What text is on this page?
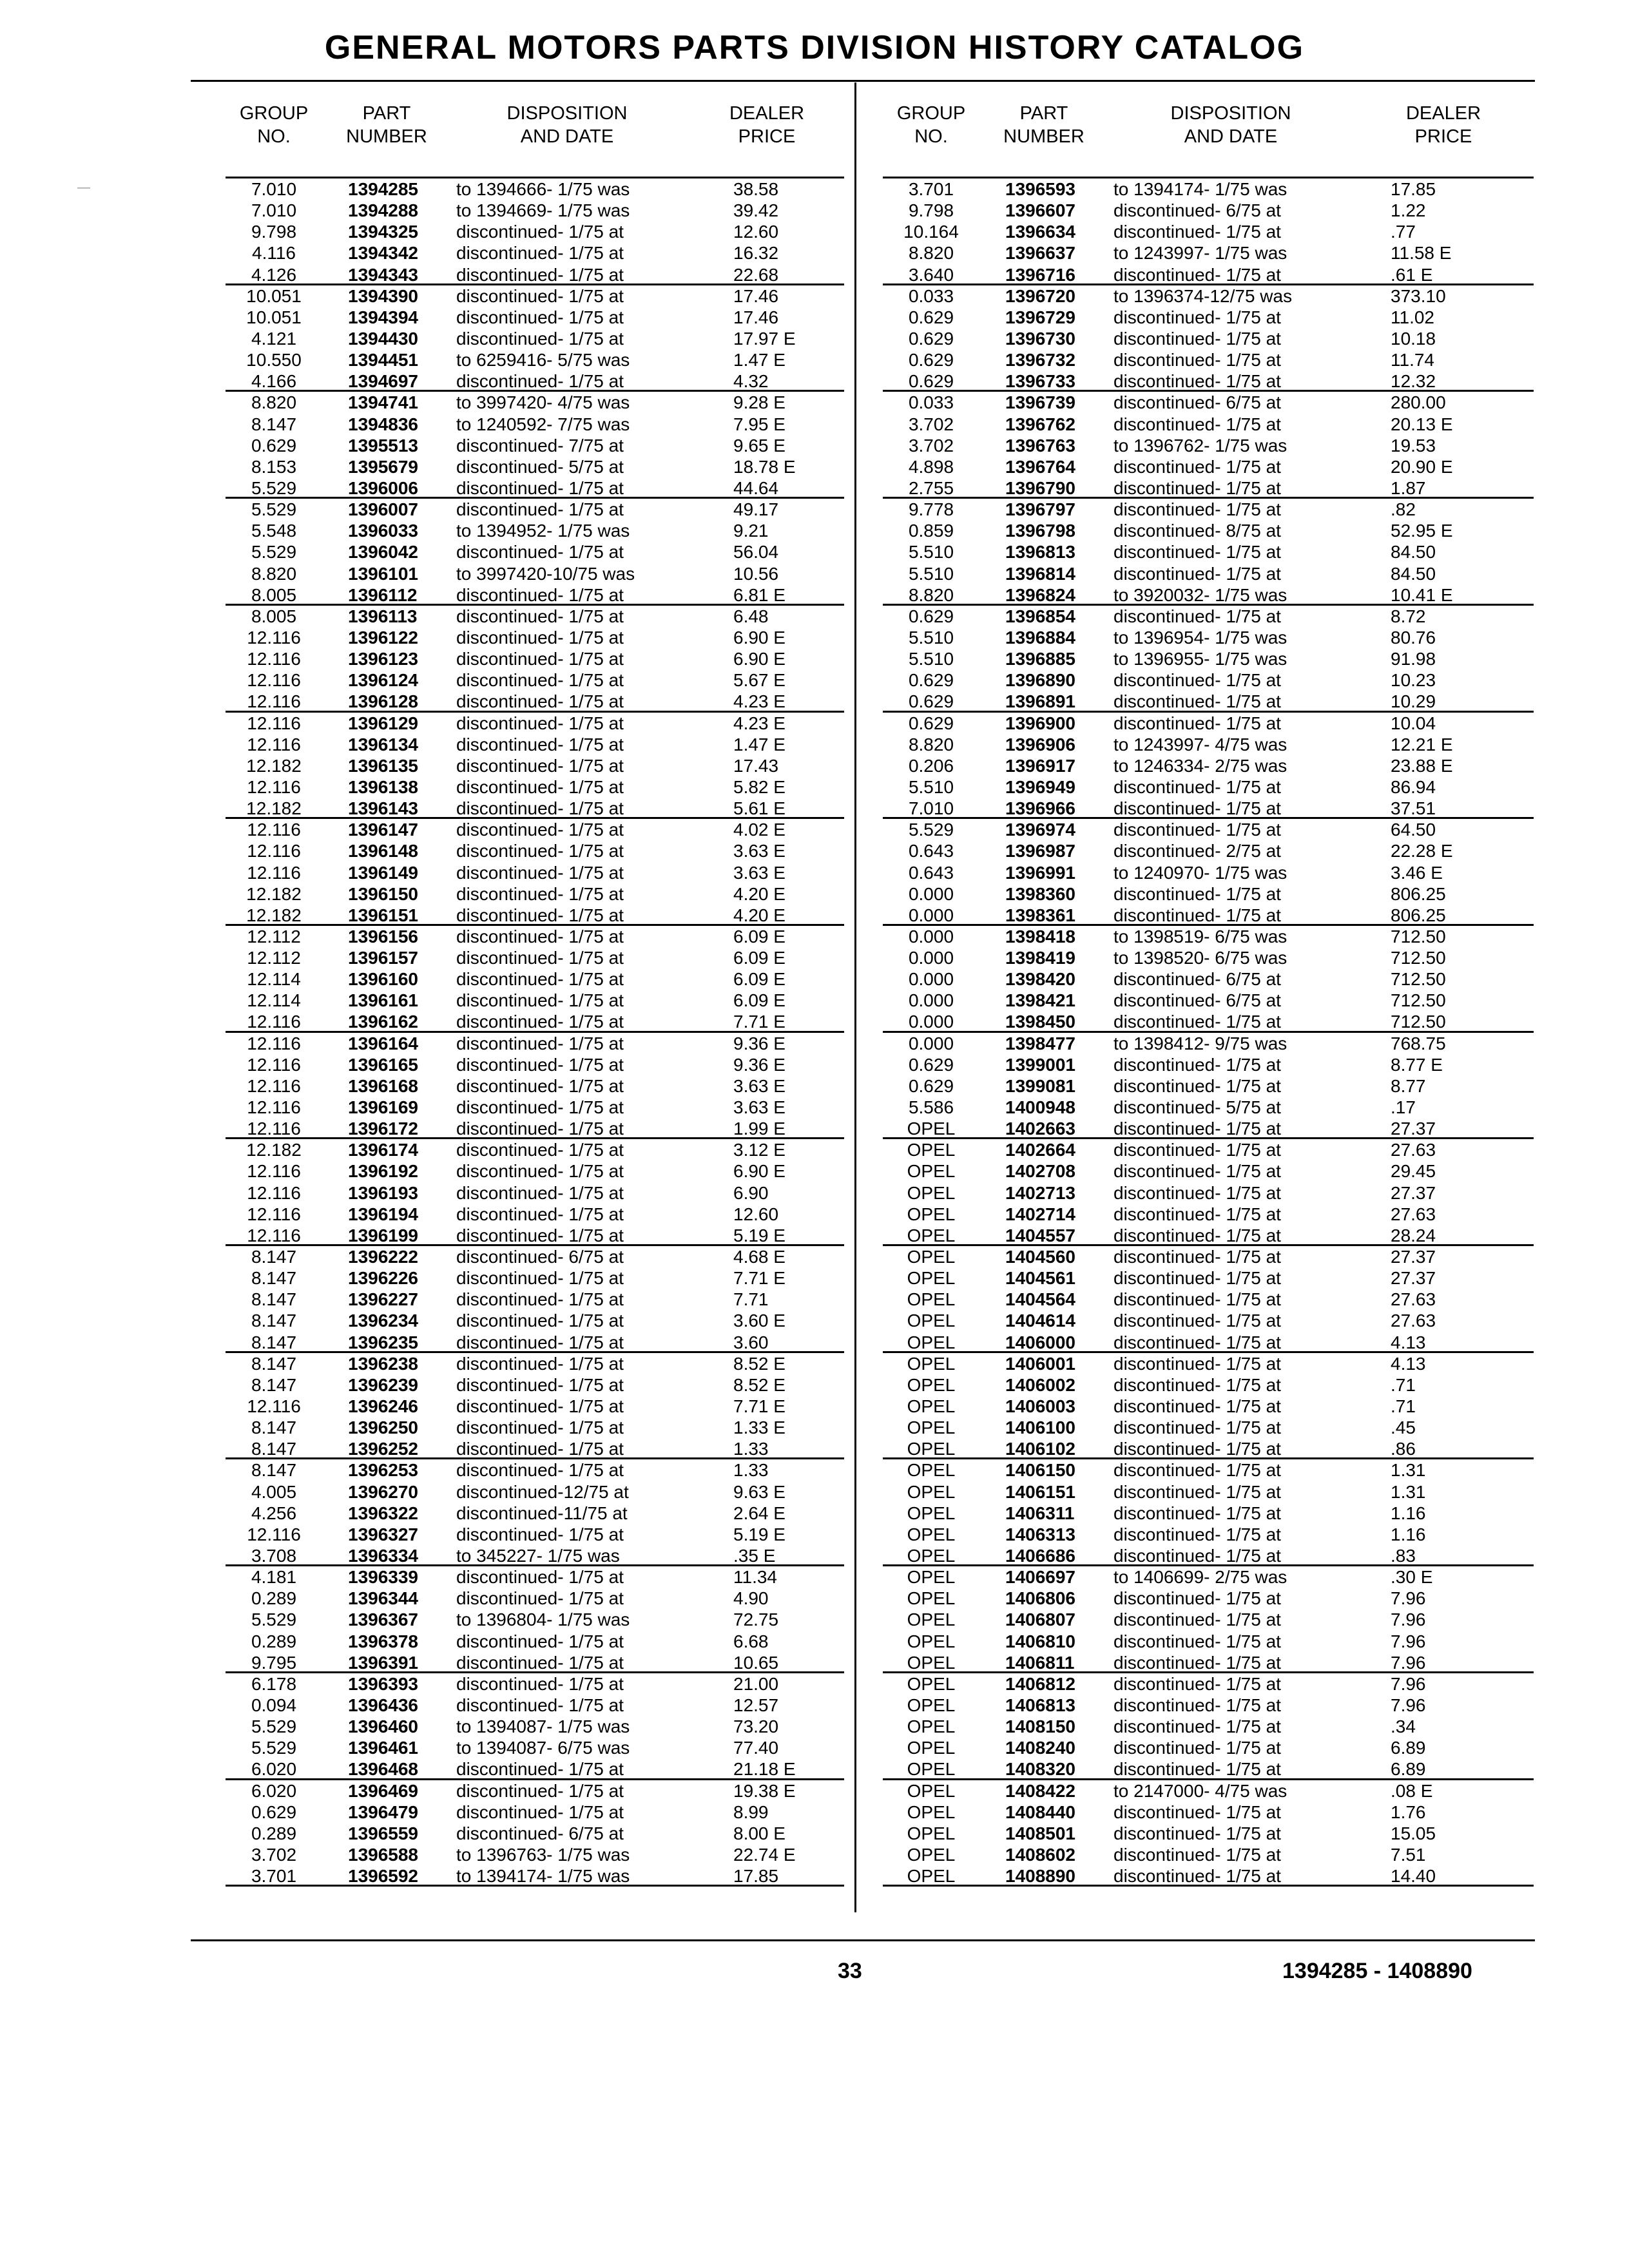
GENERAL MOTORS PARTS DIVISION HISTORY CATALOG
GROUP
NO.
PART
NUMBER
DISPOSITION
AND DATE
DEALER
PRICE
7.010	1394285	to 1394666- 1/75 was	38.58
7.010	1394288	to 1394669- 1/75 was	39.42
9.798	1394325	discontinued- 1/75 at	12.60
4.116	1394342	discontinued- 1/75 at	16.32
4.126	1394343	discontinued- 1/75 at	22.68
10.051	1394390	discontinued- 1/75 at	17.46
10.051	1394394	discontinued- 1/75 at	17.46
4.121	1394430	discontinued- 1/75 at	17.97 E
10.550	1394451	to 6259416- 5/75 was	1.47 E
4.166	1394697	discontinued- 1/75 at	4.32
8.820	1394741	to 3997420- 4/75 was	9.28 E
8.147	1394836	to 1240592- 7/75 was	7.95 E
0.629	1395513	discontinued- 7/75 at	9.65 E
8.153	1395679	discontinued- 5/75 at	18.78 E
5.529	1396006	discontinued- 1/75 at	44.64
5.529	1396007	discontinued- 1/75 at	49.17
5.548	1396033	to 1394952- 1/75 was	9.21
5.529	1396042	discontinued- 1/75 at	56.04
8.820	1396101	to 3997420-10/75 was	10.56
8.005	1396112	discontinued- 1/75 at	6.81 E
8.005	1396113	discontinued- 1/75 at	6.48
12.116	1396122	discontinued- 1/75 at	6.90 E
12.116	1396123	discontinued- 1/75 at	6.90 E
12.116	1396124	discontinued- 1/75 at	5.67 E
12.116	1396128	discontinued- 1/75 at	4.23 E
12.116	1396129	discontinued- 1/75 at	4.23 E
12.116	1396134	discontinued- 1/75 at	1.47 E
12.182	1396135	discontinued- 1/75 at	17.43
12.116	1396138	discontinued- 1/75 at	5.82 E
12.182	1396143	discontinued- 1/75 at	5.61 E
12.116	1396147	discontinued- 1/75 at	4.02 E
12.116	1396148	discontinued- 1/75 at	3.63 E
12.116	1396149	discontinued- 1/75 at	3.63 E
12.182	1396150	discontinued- 1/75 at	4.20 E
12.182	1396151	discontinued- 1/75 at	4.20 E
12.112	1396156	discontinued- 1/75 at	6.09 E
12.112	1396157	discontinued- 1/75 at	6.09 E
12.114	1396160	discontinued- 1/75 at	6.09 E
12.114	1396161	discontinued- 1/75 at	6.09 E
12.116	1396162	discontinued- 1/75 at	7.71 E
12.116	1396164	discontinued- 1/75 at	9.36 E
12.116	1396165	discontinued- 1/75 at	9.36 E
12.116	1396168	discontinued- 1/75 at	3.63 E
12.116	1396169	discontinued- 1/75 at	3.63 E
12.116	1396172	discontinued- 1/75 at	1.99 E
12.182	1396174	discontinued- 1/75 at	3.12 E
12.116	1396192	discontinued- 1/75 at	6.90 E
12.116	1396193	discontinued- 1/75 at	6.90
12.116	1396194	discontinued- 1/75 at	12.60
12.116	1396199	discontinued- 1/75 at	5.19 E
8.147	1396222	discontinued- 6/75 at	4.68 E
8.147	1396226	discontinued- 1/75 at	7.71 E
8.147	1396227	discontinued- 1/75 at	7.71
8.147	1396234	discontinued- 1/75 at	3.60 E
8.147	1396235	discontinued- 1/75 at	3.60
8.147	1396238	discontinued- 1/75 at	8.52 E
8.147	1396239	discontinued- 1/75 at	8.52 E
12.116	1396246	discontinued- 1/75 at	7.71 E
8.147	1396250	discontinued- 1/75 at	1.33 E
8.147	1396252	discontinued- 1/75 at	1.33
8.147	1396253	discontinued- 1/75 at	1.33
4.005	1396270	discontinued-12/75 at	9.63 E
4.256	1396322	discontinued-11/75 at	2.64 E
12.116	1396327	discontinued- 1/75 at	5.19 E
3.708	1396334	to 345227- 1/75 was	.35 E
4.181	1396339	discontinued- 1/75 at	11.34
0.289	1396344	discontinued- 1/75 at	4.90
5.529	1396367	to 1396804- 1/75 was	72.75
0.289	1396378	discontinued- 1/75 at	6.68
9.795	1396391	discontinued- 1/75 at	10.65
6.178	1396393	discontinued- 1/75 at	21.00
0.094	1396436	discontinued- 1/75 at	12.57
5.529	1396460	to 1394087- 1/75 was	73.20
5.529	1396461	to 1394087- 6/75 was	77.40
6.020	1396468	discontinued- 1/75 at	21.18 E
6.020	1396469	discontinued- 1/75 at	19.38 E
0.629	1396479	discontinued- 1/75 at	8.99
0.289	1396559	discontinued- 6/75 at	8.00 E
3.702	1396588	to 1396763- 1/75 was	22.74 E
3.701	1396592	to 1394174- 1/75 was	17.85
GROUP
NO.
PART
NUMBER
DISPOSITION
AND DATE
DEALER
PRICE
3.701	1396593	to 1394174- 1/75 was	17.85
9.798	1396607	discontinued- 6/75 at	1.22
10.164	1396634	discontinued- 1/75 at	.77
8.820	1396637	to 1243997- 1/75 was	11.58 E
3.640	1396716	discontinued- 1/75 at	.61 E
0.033	1396720	to 1396374-12/75 was	373.10
0.629	1396729	discontinued- 1/75 at	11.02
0.629	1396730	discontinued- 1/75 at	10.18
0.629	1396732	discontinued- 1/75 at	11.74
0.629	1396733	discontinued- 1/75 at	12.32
0.033	1396739	discontinued- 6/75 at	280.00
3.702	1396762	discontinued- 1/75 at	20.13 E
3.702	1396763	to 1396762- 1/75 was	19.53
4.898	1396764	discontinued- 1/75 at	20.90 E
2.755	1396790	discontinued- 1/75 at	1.87
9.778	1396797	discontinued- 1/75 at	.82
0.859	1396798	discontinued- 8/75 at	52.95 E
5.510	1396813	discontinued- 1/75 at	84.50
5.510	1396814	discontinued- 1/75 at	84.50
8.820	1396824	to 3920032- 1/75 was	10.41 E
0.629	1396854	discontinued- 1/75 at	8.72
5.510	1396884	to 1396954- 1/75 was	80.76
5.510	1396885	to 1396955- 1/75 was	91.98
0.629	1396890	discontinued- 1/75 at	10.23
0.629	1396891	discontinued- 1/75 at	10.29
0.629	1396900	discontinued- 1/75 at	10.04
8.820	1396906	to 1243997- 4/75 was	12.21 E
0.206	1396917	to 1246334- 2/75 was	23.88 E
5.510	1396949	discontinued- 1/75 at	86.94
7.010	1396966	discontinued- 1/75 at	37.51
5.529	1396974	discontinued- 1/75 at	64.50
0.643	1396987	discontinued- 2/75 at	22.28 E
0.643	1396991	to 1240970- 1/75 was	3.46 E
0.000	1398360	discontinued- 1/75 at	806.25
0.000	1398361	discontinued- 1/75 at	806.25
0.000	1398418	to 1398519- 6/75 was	712.50
0.000	1398419	to 1398520- 6/75 was	712.50
0.000	1398420	discontinued- 6/75 at	712.50
0.000	1398421	discontinued- 6/75 at	712.50
0.000	1398450	discontinued- 1/75 at	712.50
0.000	1398477	to 1398412- 9/75 was	768.75
0.629	1399001	discontinued- 1/75 at	8.77 E
0.629	1399081	discontinued- 1/75 at	8.77
5.586	1400948	discontinued- 5/75 at	.17
OPEL	1402663	discontinued- 1/75 at	27.37
OPEL	1402664	discontinued- 1/75 at	27.63
OPEL	1402708	discontinued- 1/75 at	29.45
OPEL	1402713	discontinued- 1/75 at	27.37
OPEL	1402714	discontinued- 1/75 at	27.63
OPEL	1404557	discontinued- 1/75 at	28.24
OPEL	1404560	discontinued- 1/75 at	27.37
OPEL	1404561	discontinued- 1/75 at	27.37
OPEL	1404564	discontinued- 1/75 at	27.63
OPEL	1404614	discontinued- 1/75 at	27.63
OPEL	1406000	discontinued- 1/75 at	4.13
OPEL	1406001	discontinued- 1/75 at	4.13
OPEL	1406002	discontinued- 1/75 at	.71
OPEL	1406003	discontinued- 1/75 at	.71
OPEL	1406100	discontinued- 1/75 at	.45
OPEL	1406102	discontinued- 1/75 at	.86
OPEL	1406150	discontinued- 1/75 at	1.31
OPEL	1406151	discontinued- 1/75 at	1.31
OPEL	1406311	discontinued- 1/75 at	1.16
OPEL	1406313	discontinued- 1/75 at	1.16
OPEL	1406686	discontinued- 1/75 at	.83
OPEL	1406697	to 1406699- 2/75 was	.30 E
OPEL	1406806	discontinued- 1/75 at	7.96
OPEL	1406807	discontinued- 1/75 at	7.96
OPEL	1406810	discontinued- 1/75 at	7.96
OPEL	1406811	discontinued- 1/75 at	7.96
OPEL	1406812	discontinued- 1/75 at	7.96
OPEL	1406813	discontinued- 1/75 at	7.96
OPEL	1408150	discontinued- 1/75 at	.34
OPEL	1408240	discontinued- 1/75 at	6.89
OPEL	1408320	discontinued- 1/75 at	6.89
OPEL	1408422	to 2147000- 4/75 was	.08 E
OPEL	1408440	discontinued- 1/75 at	1.76
OPEL	1408501	discontinued- 1/75 at	15.05
OPEL	1408602	discontinued- 1/75 at	7.51
OPEL	1408890	discontinued- 1/75 at	14.40
33	1394285 - 1408890
—
